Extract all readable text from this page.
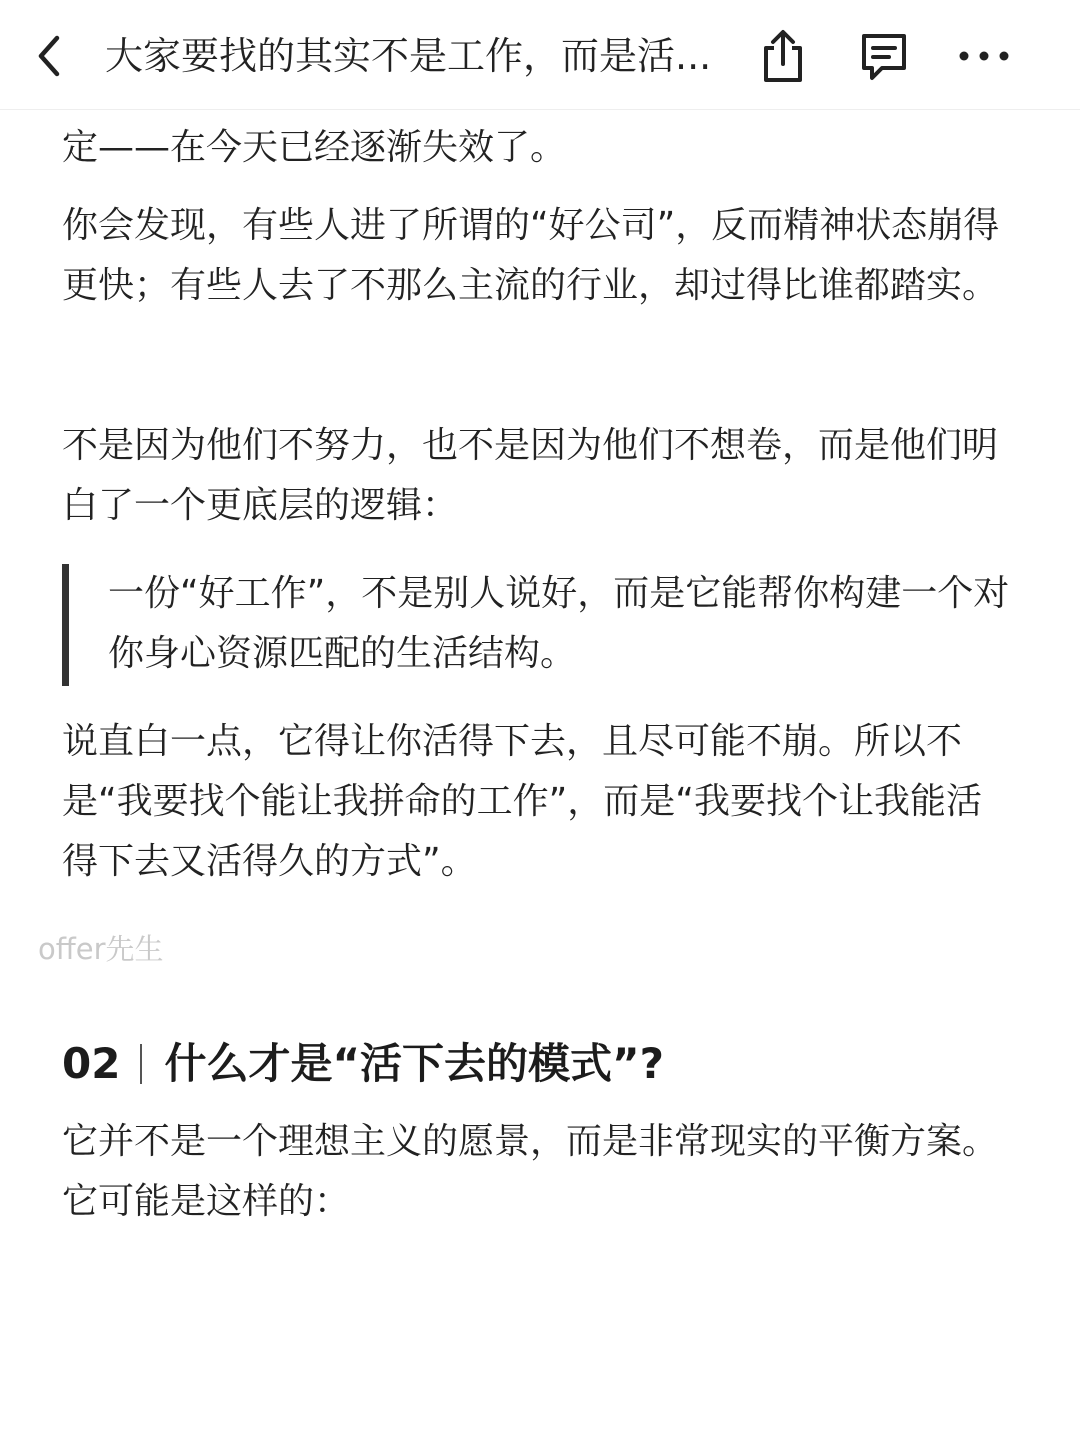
大家要找的其实不是工作，而是活...

定——在今天已经逐渐失效了。

你会发现，有些人进了所谓的“好公司”，反而精神状态崩得更快；有些人去了不那么主流的行业，却过得比谁都踏实。

不是因为他们不努力，也不是因为他们不想卷，而是他们明白了一个更底层的逻辑：

一份“好工作”，不是别人说好，而是它能帮你构建一个对你身心资源匹配的生活结构。

说直白一点，它得让你活得下去，且尽可能不崩。所以不是“我要找个能让我拼命的工作”，而是“我要找个让我能活得下去又活得久的方式”。

02 什么才是“活下去的模式”?

它并不是一个理想主义的愿景，而是非常现实的平衡方案。它可能是这样的：

offer先生
